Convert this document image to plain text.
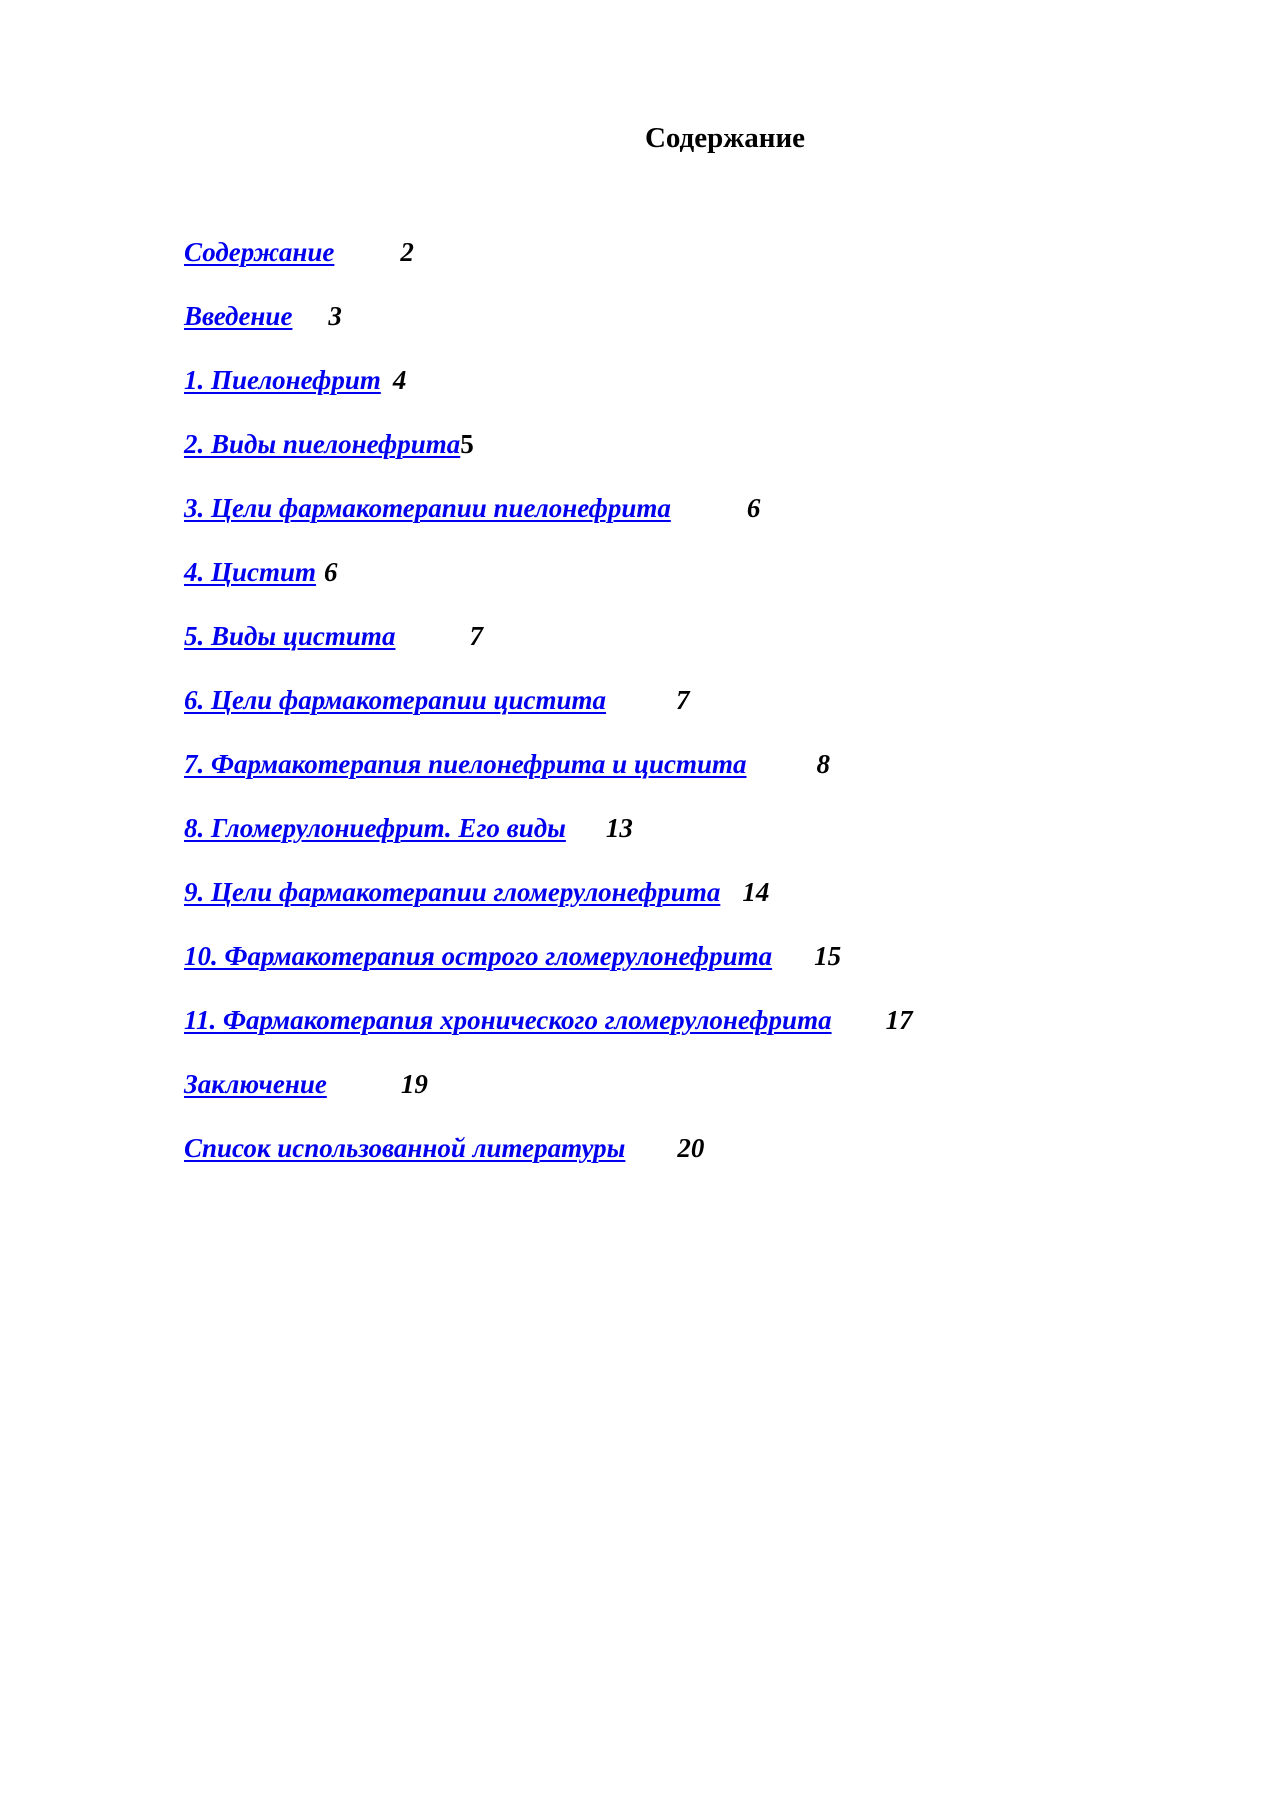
Содержание
Содержание 2
Введение 3
1. Пиелонефрит 4
2. Виды пиелонефрита 5
3. Цели фармакотерапии пиелонефрита	6
4. Цистит 6
5. Виды цистита	7
6. Цели фармакотерапии цистита	7
7. Фармакотерапия пиелонефрита и цистита	8
8. Гломерулониефрит. Его виды 13
9. Цели фармакотерапии гломерулонефрита 14
10. Фармакотерапия острого гломерулонефрита 15
11. Фармакотерапия хронического гломерулонефрита 17
Заключение	19
Список использованной литературы 20
